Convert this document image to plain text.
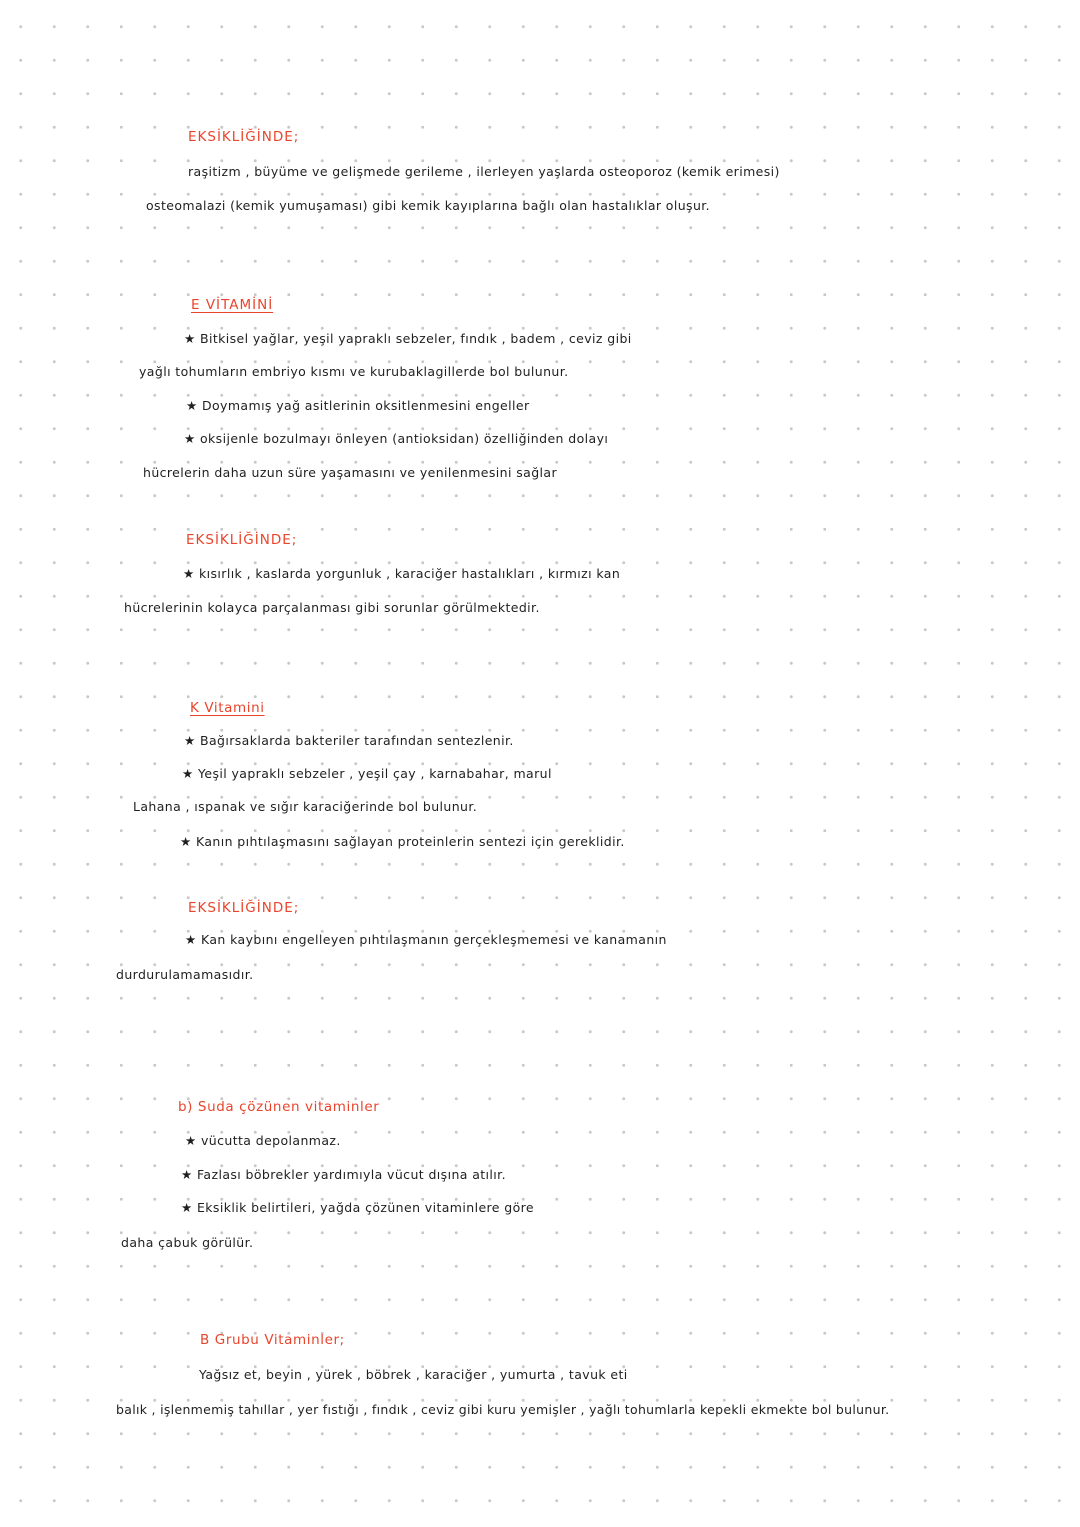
EKSİKLİĞİNDE;
raşitizm , büyüme ve gelişmede gerileme , ilerleyen yaşlarda osteoporoz (kemik erimesi)
osteomalazi (kemik yumuşaması) gibi kemik kayıplarına bağlı olan hastalıklar oluşur.
E VİTAMİNİ
★ Bitkisel yağlar, yeşil yapraklı sebzeler, fındık , badem , ceviz gibi
yağlı tohumların embriyo kısmı ve kurubaklagillerde bol bulunur.
★ Doymamış yağ asitlerinin oksitlenmesini engeller
★ oksijenle bozulmayı önleyen (antioksidan) özelliğinden dolayı
hücrelerin daha uzun süre yaşamasını ve yenilenmesini sağlar
EKSİKLİĞİNDE;
★ kısırlık , kaslarda yorgunluk , karaciğer hastalıkları , kırmızı kan
hücrelerinin kolayca parçalanması gibi sorunlar görülmektedir.
K Vitamini
★ Bağırsaklarda bakteriler tarafından sentezlenir.
★ Yeşil yapraklı sebzeler , yeşil çay , karnabahar, marul
Lahana , ıspanak ve sığır karaciğerinde bol bulunur.
★ Kanın pıhtılaşmasını sağlayan proteinlerin sentezi için gereklidir.
EKSİKLİĞİNDE;
★ Kan kaybını engelleyen pıhtılaşmanın gerçekleşmemesi ve kanamanın
durdurulamamasıdır.
b) Suda çözünen vitaminler
★ vücutta depolanmaz.
★ Fazlası böbrekler yardımıyla vücut dışına atılır.
★ Eksiklik belirtileri, yağda çözünen vitaminlere göre
daha çabuk görülür.
B Grubu Vitaminler;
Yağsız et, beyin , yürek , böbrek , karaciğer , yumurta , tavuk eti
balık , işlenmemiş tahıllar , yer fıstığı , fındık , ceviz gibi kuru yemişler , yağlı tohumlarla kepekli ekmekte bol bulunur.
